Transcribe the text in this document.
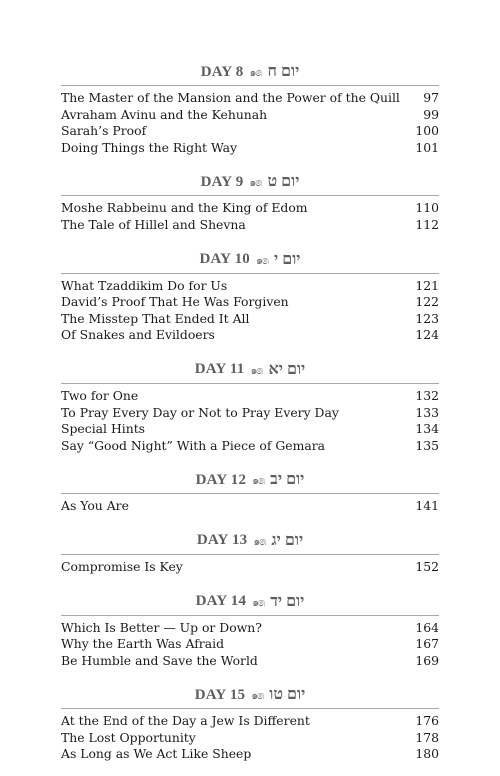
DAY 8 ๑෧ יום ח
The Master of the Mansion and the Power of the Quill 97
Avraham Avinu and the Kehunah	99
Sarah’s Proof	100
Doing Things the Right Way	101
DAY 9 ๑෧ יום ט
Moshe Rabbeinu and the King of Edom	110
The Tale of Hillel and Shevna	112
DAY 10 ๑෧ יום י
What Tzaddikim Do for Us	121
David’s Proof That He Was Forgiven	122
The Misstep That Ended It All	123
Of Snakes and Evildoers	124
DAY 11 ๑෧ יום יא
Two for One	132
To Pray Every Day or Not to Pray Every Day	133
Special Hints	134
Say “Good Night” With a Piece of Gemara	135
DAY 12 ๑෧ יום יב
As You Are	141
DAY 13 ๑෧ יום יג
Compromise Is Key	152
DAY 14 ๑෧ יום יד
Which Is Better — Up or Down?	164
Why the Earth Was Afraid	167
Be Humble and Save the World	169
DAY 15 ๑෧ יום טו
At the End of the Day a Jew Is Different	176
The Lost Opportunity	178
As Long as We Act Like Sheep	180
